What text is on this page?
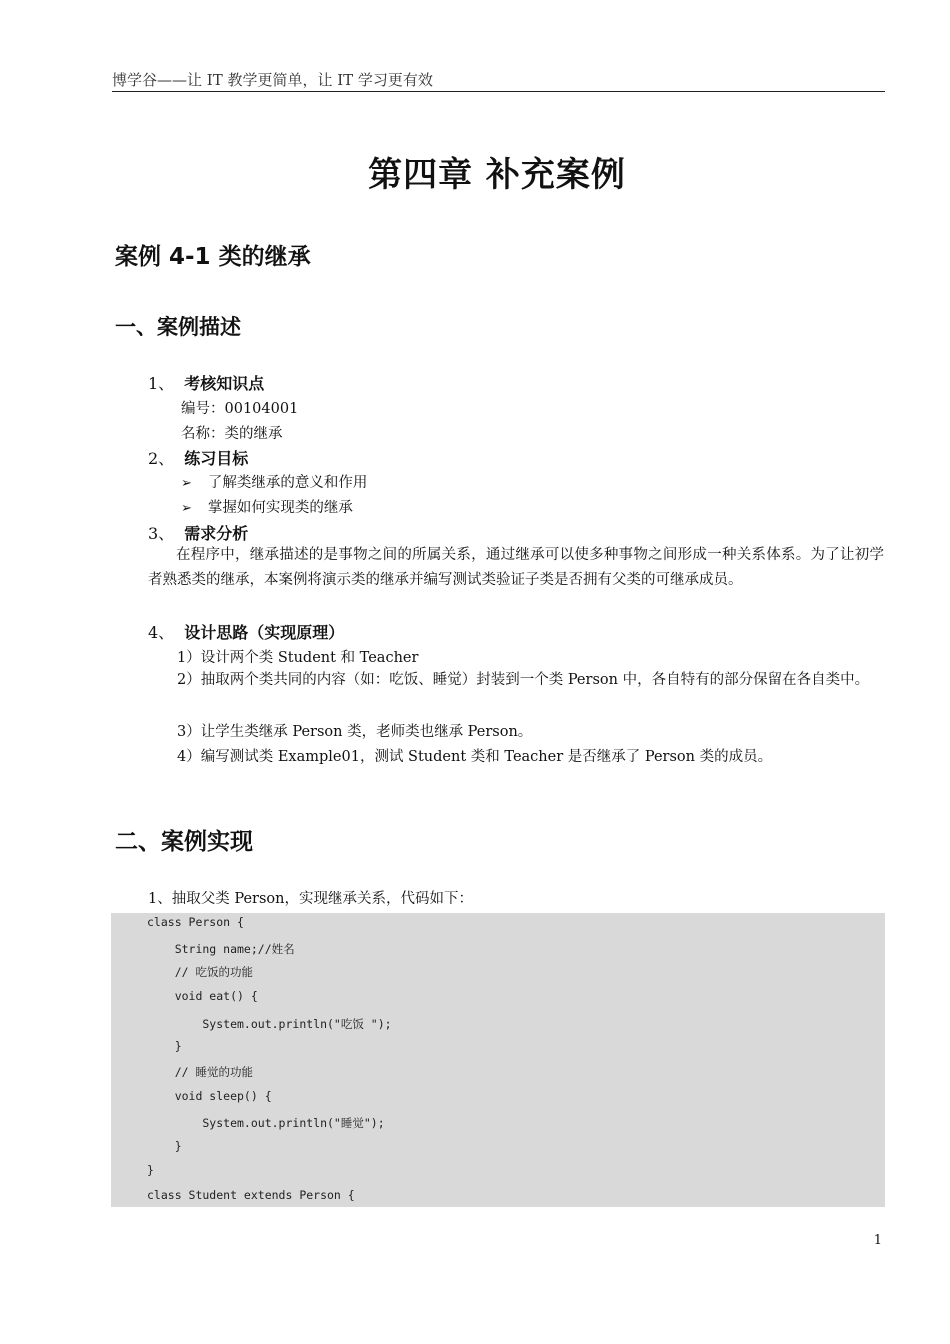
博学谷——让 IT 教学更简单，让 IT 学习更有效
第四章 补充案例
案例 4-1 类的继承
一、案例描述
1、 考核知识点
编号：00104001
名称：类的继承
2、 练习目标
➢ 了解类继承的意义和作用
➢ 掌握如何实现类的继承
3、 需求分析

在程序中，继承描述的是事物之间的所属关系，通过继承可以使多种事物之间形成一种关系体系。为了让初学者熟悉类的继承，本案例将演示类的继承并编写测试类验证子类是否拥有父类的可继承成员。

4、 设计思路（实现原理）
1）设计两个类 Student 和 Teacher

2）抽取两个类共同的内容（如：吃饭、睡觉）封装到一个类 Person 中，各自特有的部分保留在各自类中。

3）让学生类继承 Person 类，老师类也继承 Person。
4）编写测试类 Example01，测试 Student 类和 Teacher 是否继承了 Person 类的成员。
二、案例实现
1、抽取父类 Person，实现继承关系，代码如下：
class Person {
String name;//姓名
// 吃饭的功能
void eat() {
System.out.println("吃饭 ");
}
// 睡觉的功能
void sleep() {
System.out.println("睡觉");
}
}
class Student extends Person {
1
